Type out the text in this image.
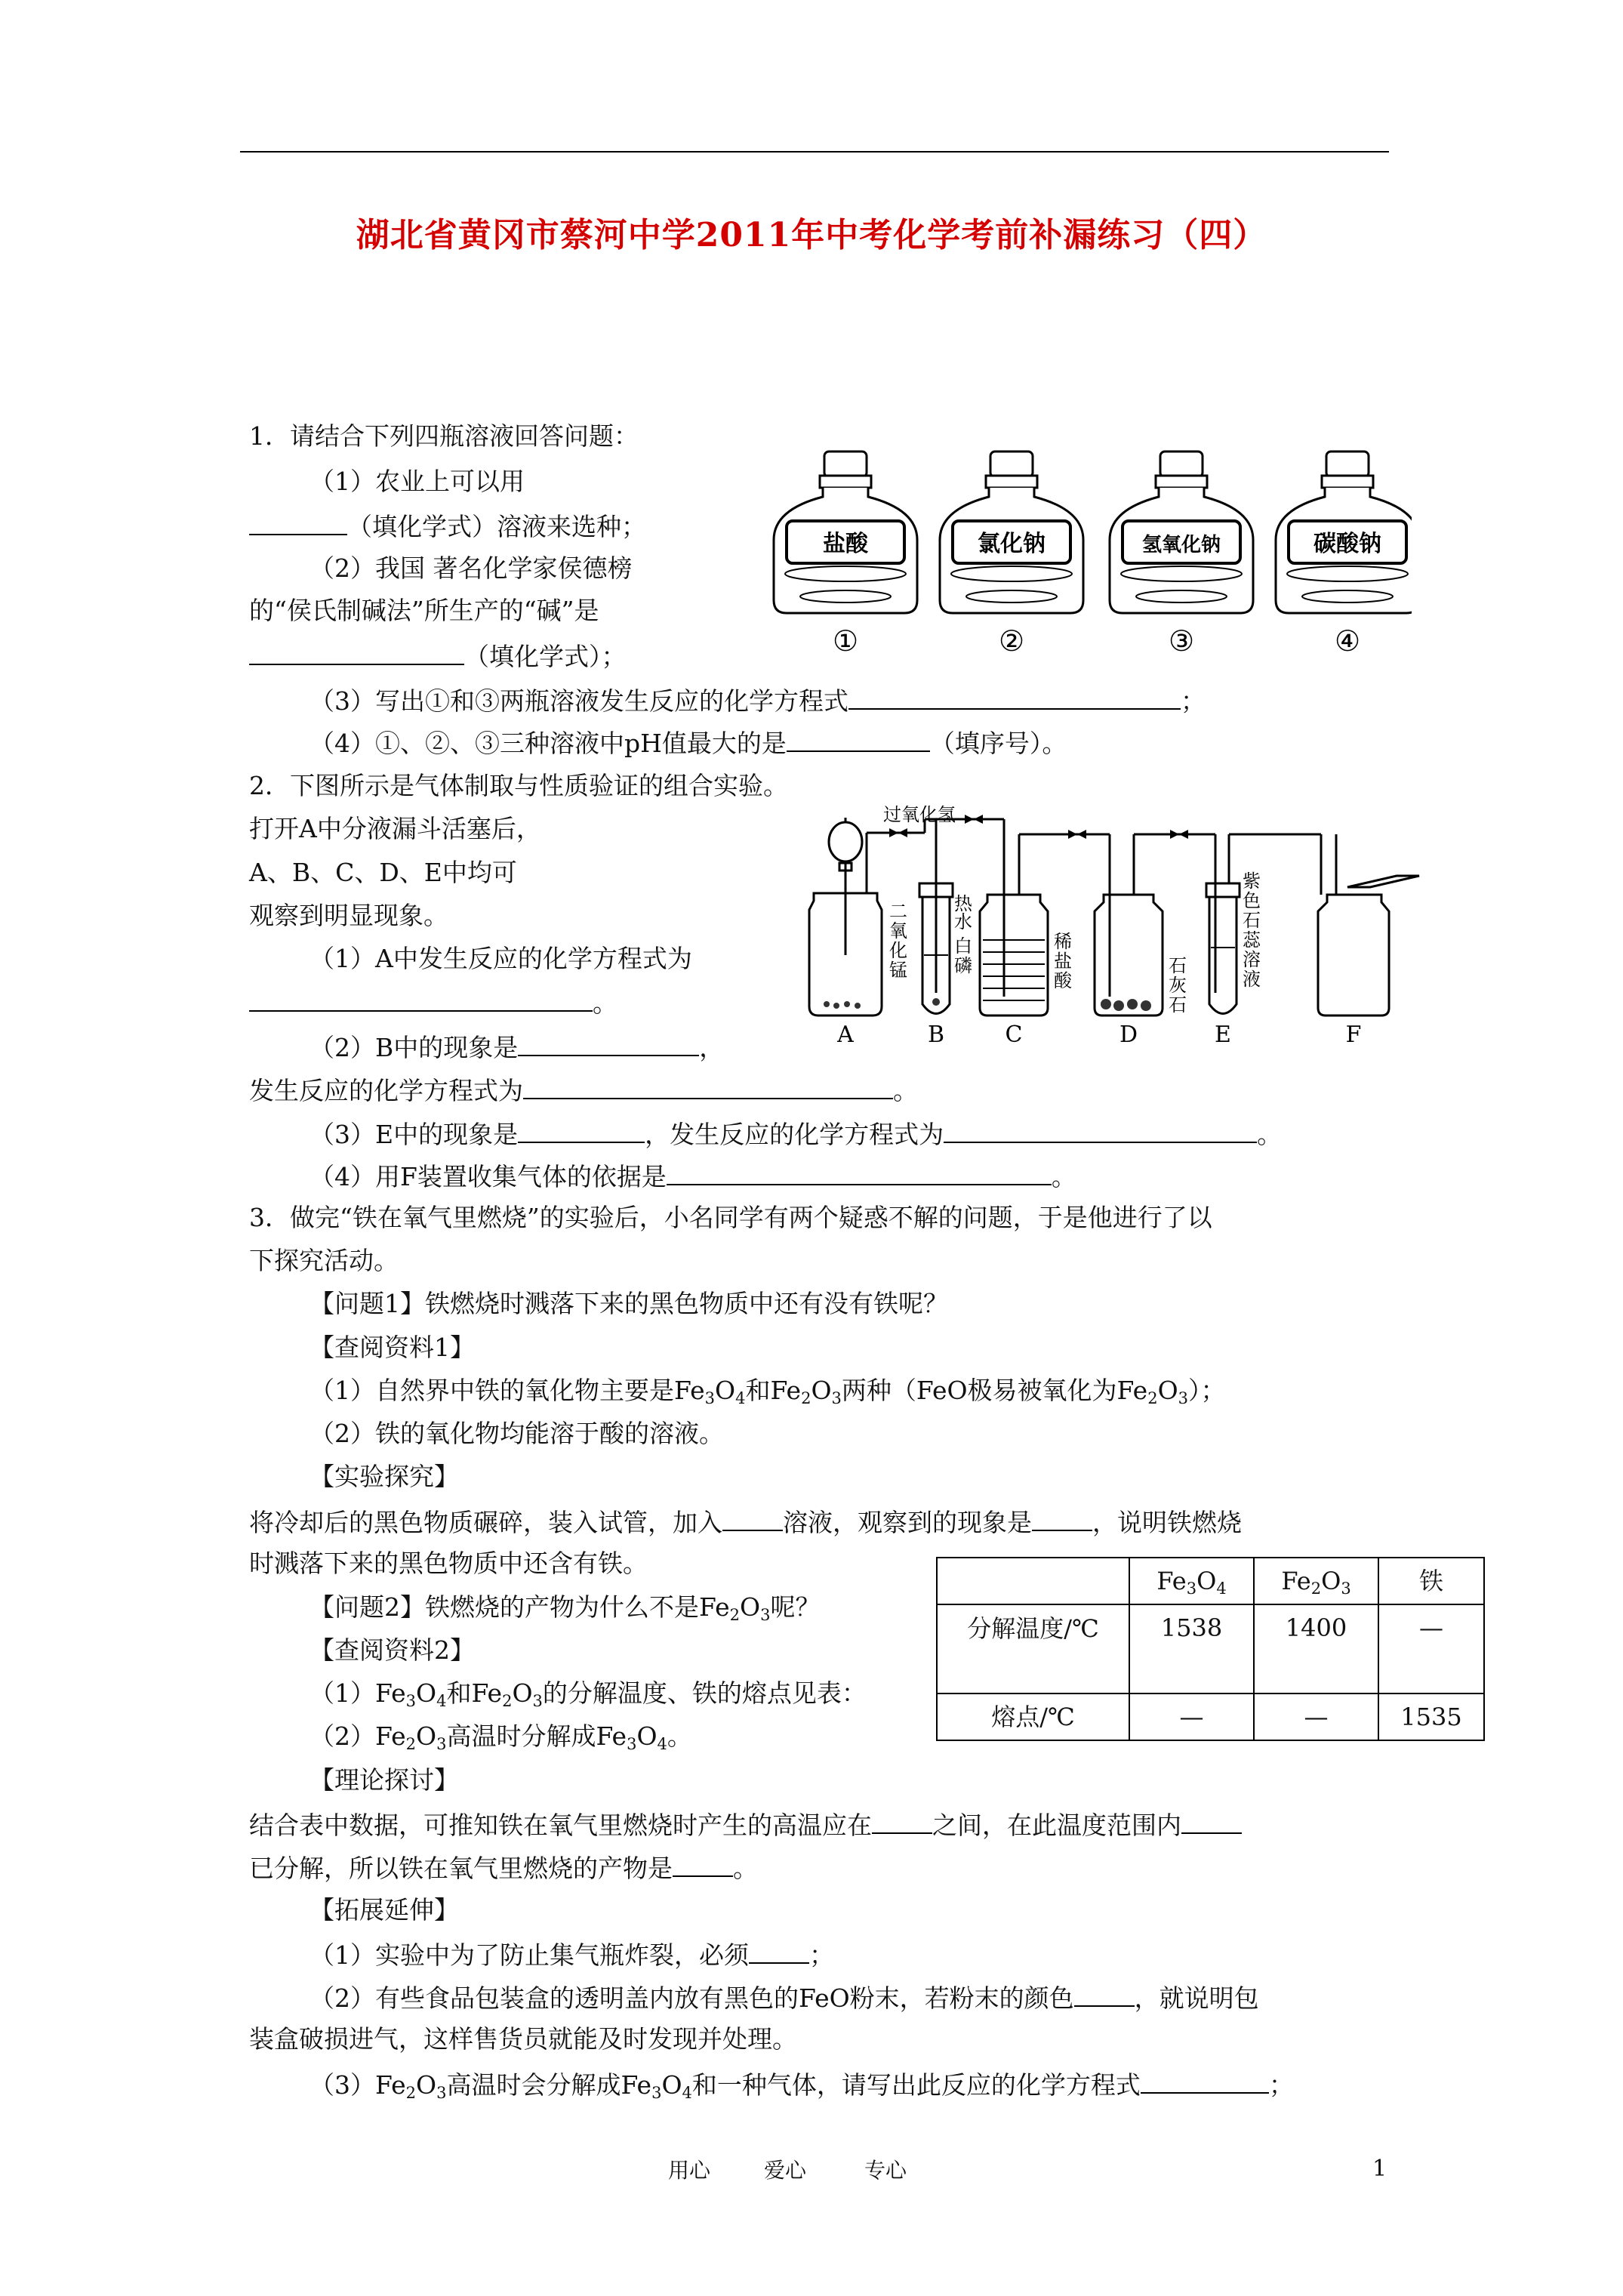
湖北省黄冈市蔡河中学2011年中考化学考前补漏练习（四）
1．请结合下列四瓶溶液回答问题：
（1）农业上可以用
（填化学式）溶液来选种；
（2）我国 著名化学家侯德榜
的“侯氏制碱法”所生产的“碱”是
（填化学式）；
（3）写出①和③两瓶溶液发生反应的化学方程式	；
（4）①、②、③三种溶液中pH值最大的是	（填序号）。
盐酸
①
氯化钠
②
氢氧化钠
③
碳酸钠
④
2．下图所示是气体制取与性质验证的组合实验。
打开A中分液漏斗活塞后，
A、B、C、D、E中均可
观察到明显现象。
（1）A中发生反应的化学方程式为
。
（2）B中的现象是	，
发生反应的化学方程式为	。
（3）E中的现象是	，发生反应的化学方程式为	。
（4）用F装置收集气体的依据是	。
过氧化氢
二
氧
化
锰
热
水
白
磷
稀
盐
酸
石
灰
石
紫
色
石
蕊
溶
液
A	B	C	D	E	F
3．做完“铁在氧气里燃烧”的实验后，小名同学有两个疑惑不解的问题，于是他进行了以
下探究活动。
【问题1】铁燃烧时溅落下来的黑色物质中还有没有铁呢？
【查阅资料1】
（1）自然界中铁的氧化物主要是$Fe_3O_4$和$Fe_2O_3$两种（FeO极易被氧化为$Fe_2O_3$）；
（2）铁的氧化物均能溶于酸的溶液。
【实验探究】
将冷却后的黑色物质碾碎，装入试管，加入 溶液，观察到的现象是 ，说明铁燃烧
时溅落下来的黑色物质中还含有铁。
【问题2】铁燃烧的产物为什么不是$Fe_2O_3$呢？
【查阅资料2】
$(1)Fe_3O_4$和$Fe_2O_3$的分解温度、铁的熔点见表：
$(2)Fe_2O_3$高温时分解成$Fe_3O_4$。
【理论探讨】
结合表中数据，可推知铁在氧气里燃烧时产生的高温应在 之间，在此温度范围内
已分解，所以铁在氧气里燃烧的产物是 。
【拓展延伸】
（1）实验中为了防止集气瓶炸裂，必须 ；
（2）有些食品包装盒的透明盖内放有黑色的FeO粉末，若粉末的颜色 ，就说明包
装盒破损进气，这样售货员就能及时发现并处理。
$(3)Fe_2O_3$高温时会分解成$Fe_3O_4$和一种气体，请写出此反应的化学方程式	；
	$Fe_3O_4$	$Fe_2O_3$	铁
分解温度/℃	1538	1400	—
熔点/℃	—	—	1535
用心	爱心	专心	1
